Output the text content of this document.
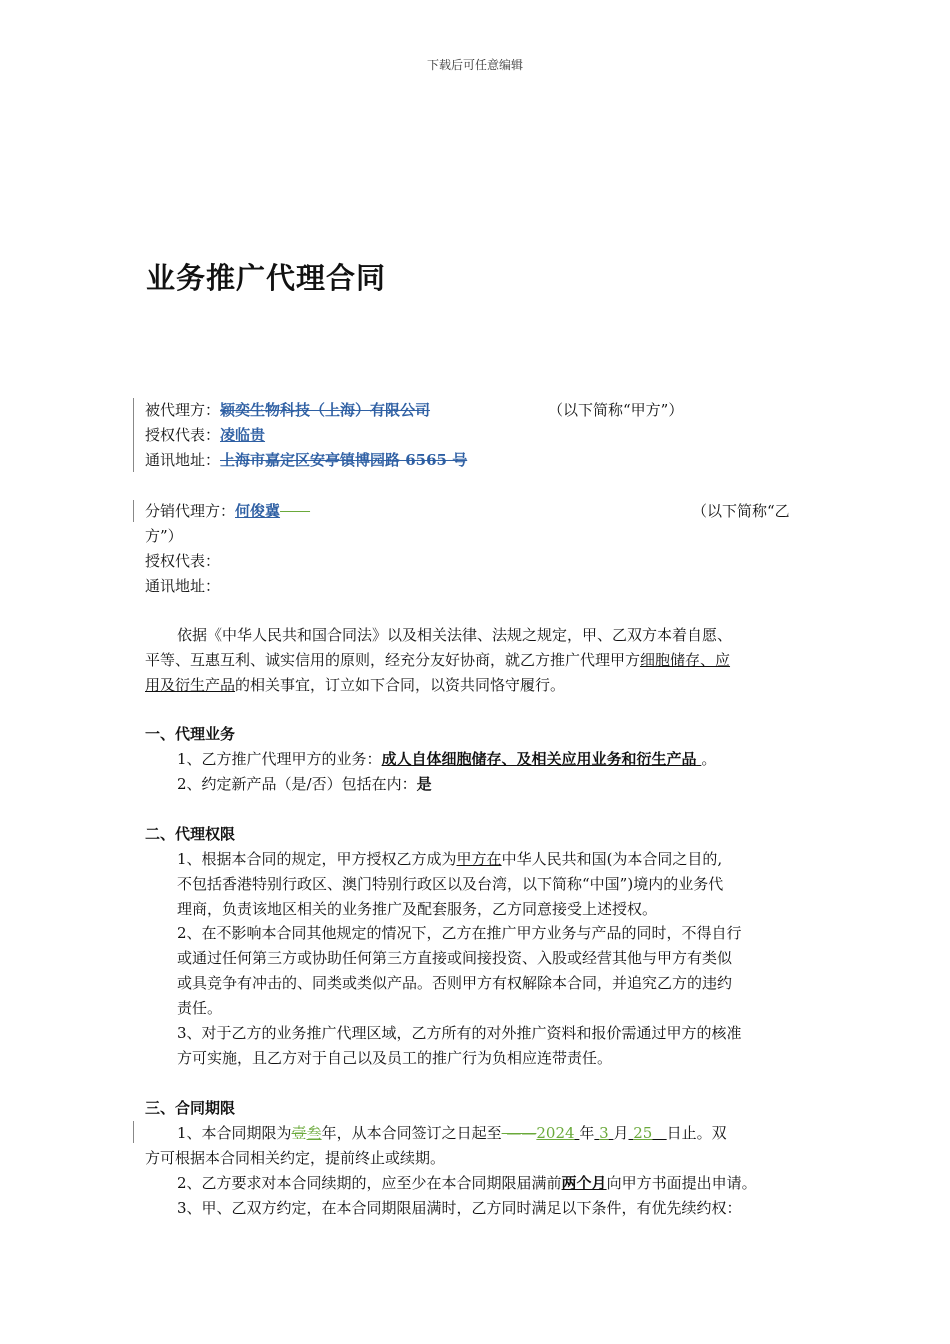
下载后可任意编辑
业务推广代理合同
被代理方：颖奕生物科技（上海）有限公司	（以下简称“甲方”）
授权代表：凌临贵
通讯地址：上海市嘉定区安亭镇博园路 6565 号
分销代理方：何俊冀　　	（以下简称“乙
方”）
授权代表：
通讯地址：
依据《中华人民共和国合同法》以及相关法律、法规之规定，甲、乙双方本着自愿、
平等、互惠互利、诚实信用的原则，经充分友好协商，就乙方推广代理甲方细胞储存、应
用及衍生产品的相关事宜，订立如下合同，以资共同恪守履行。
一、代理业务
1、乙方推广代理甲方的业务：成人自体细胞储存、及相关应用业务和衍生产品 。
2、约定新产品（是/否）包括在内：是
二、代理权限
1、根据本合同的规定，甲方授权乙方成为甲方在中华人民共和国(为本合同之目的,
不包括香港特别行政区、澳门特别行政区以及台湾，以下简称“中国”)境内的业务代
理商，负责该地区相关的业务推广及配套服务，乙方同意接受上述授权。
2、在不影响本合同其他规定的情况下，乙方在推广甲方业务与产品的同时，不得自行
或通过任何第三方或协助任何第三方直接或间接投资、入股或经营其他与甲方有类似
或具竞争有冲击的、同类或类似产品。否则甲方有权解除本合同，并追究乙方的违约
责任。
3、对于乙方的业务推广代理区域，乙方所有的对外推广资料和报价需通过甲方的核准
方可实施，且乙方对于自己以及员工的推广行为负相应连带责任。
三、合同期限
1、本合同期限为壹叁年，从本合同签订之日起至 ——2024 年 3 月 25 日止。双
方可根据本合同相关约定，提前终止或续期。
2、乙方要求对本合同续期的，应至少在本合同期限届满前两个月向甲方书面提出申请。
3、甲、乙双方约定，在本合同期限届满时，乙方同时满足以下条件，有优先续约权：
